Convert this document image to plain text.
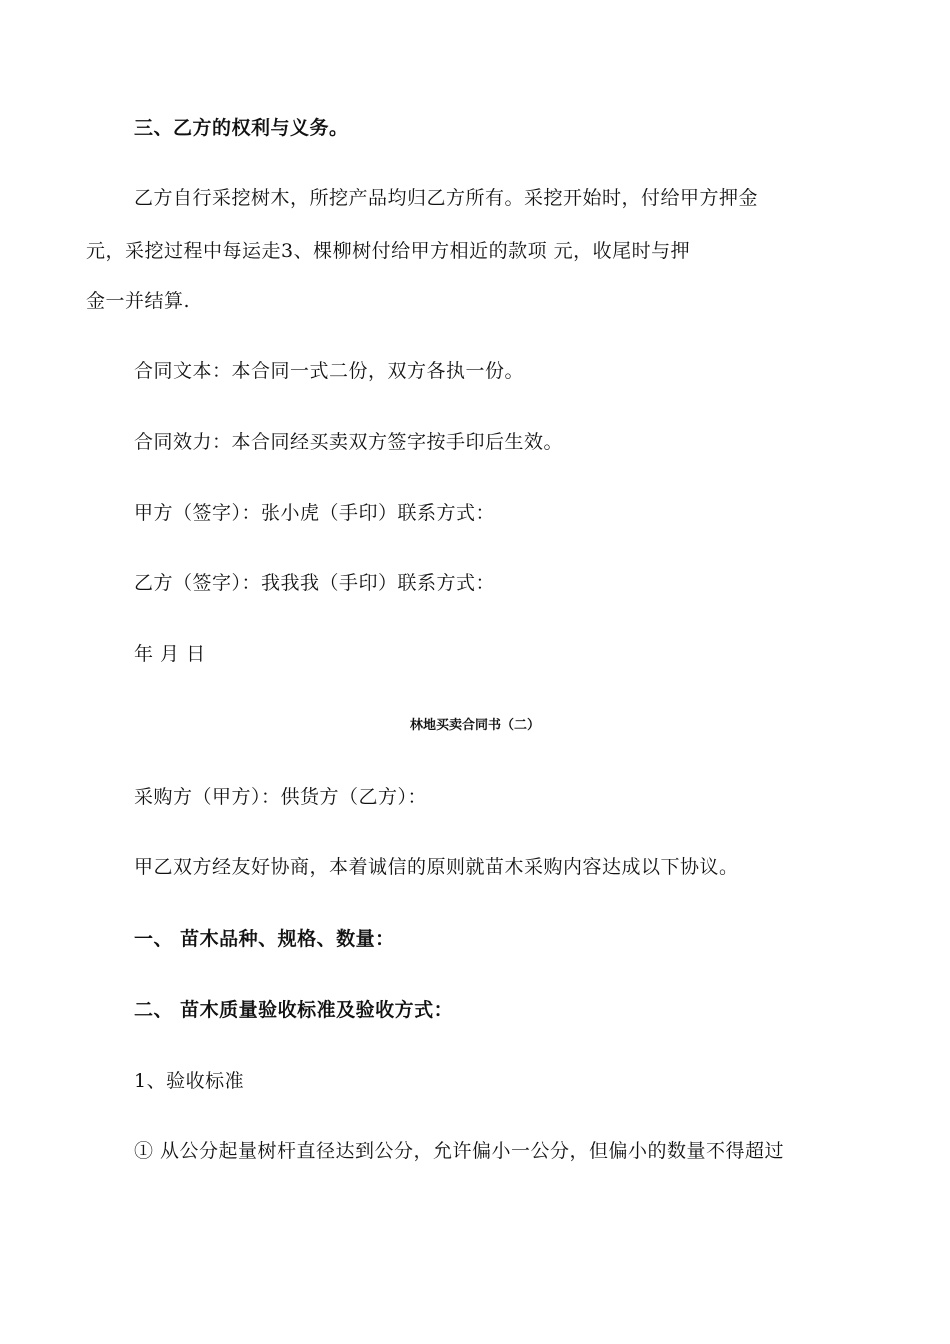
三、乙方的权利与义务。
乙方自行采挖树木，所挖产品均归乙方所有。采挖开始时，付给甲方押金
元，采挖过程中每运走3、棵柳树付给甲方相近的款项 元，收尾时与押
金一并结算.
合同文本：本合同一式二份，双方各执一份。
合同效力：本合同经买卖双方签字按手印后生效。
甲方（签字）：张小虎（手印）联系方式：
乙方（签字）：我我我（手印）联系方式：
年 月 日
林地买卖合同书（二）
采购方（甲方）：供货方（乙方）：
甲乙双方经友好协商，本着诚信的原则就苗木采购内容达成以下协议。
一、 苗木品种、规格、数量：
二、 苗木质量验收标准及验收方式：
1、验收标准
① 从公分起量树杆直径达到公分，允许偏小一公分，但偏小的数量不得超过
